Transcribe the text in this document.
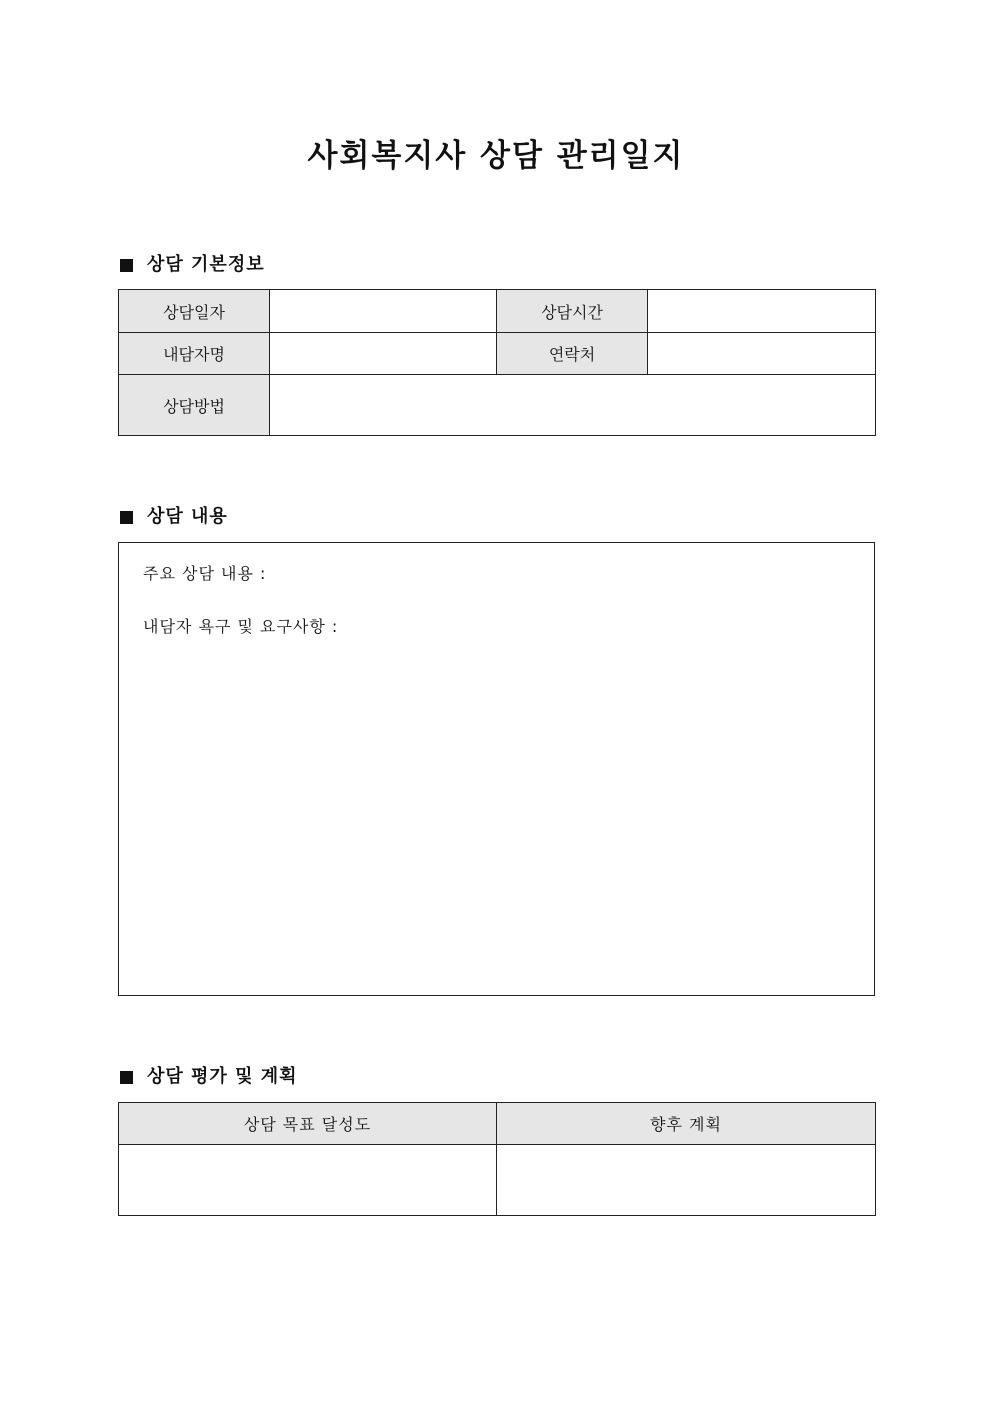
사회복지사 상담 관리일지
상담 기본정보
상담일자		상담시간	
내담자명		연락처	
상담방법			
상담 내용
주요 상담 내용 :
내담자 욕구 및 요구사항 :
상담 평가 및 계획
상담 목표 달성도	향후 계획
